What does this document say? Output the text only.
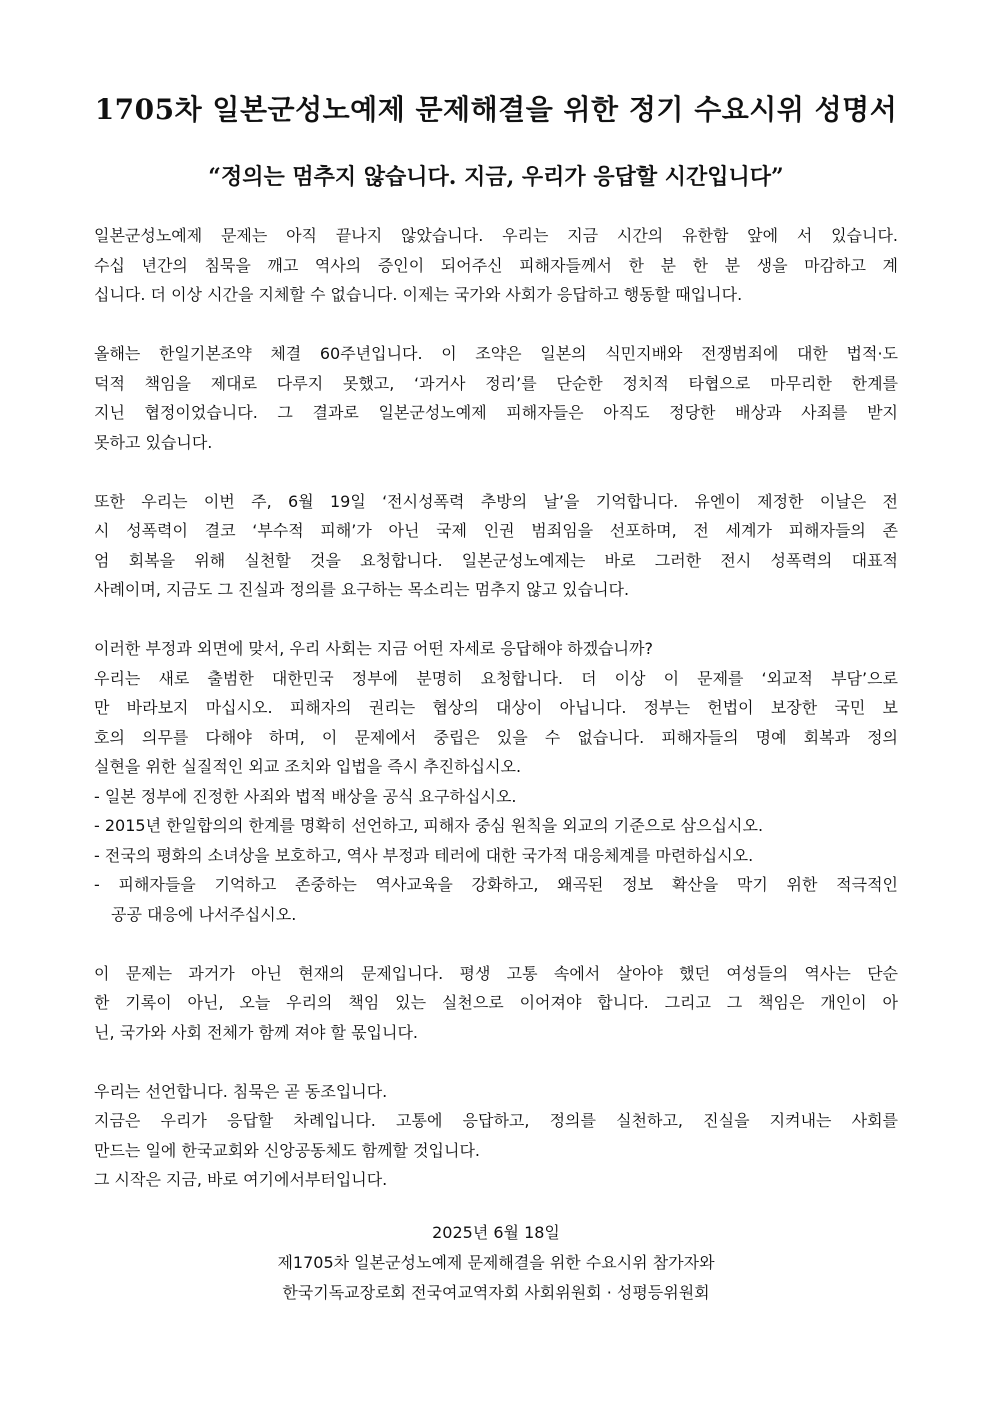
1705차 일본군성노예제 문제해결을 위한 정기 수요시위 성명서
“정의는 멈추지 않습니다. 지금, 우리가 응답할 시간입니다”
일본군성노예제 문제는 아직 끝나지 않았습니다. 우리는 지금 시간의 유한함 앞에 서 있습니다.
수십 년간의 침묵을 깨고 역사의 증인이 되어주신 피해자들께서 한 분 한 분 생을 마감하고 계
십니다. 더 이상 시간을 지체할 수 없습니다. 이제는 국가와 사회가 응답하고 행동할 때입니다.
올해는 한일기본조약 체결 60주년입니다. 이 조약은 일본의 식민지배와 전쟁범죄에 대한 법적·도
덕적 책임을 제대로 다루지 못했고, ‘과거사 정리’를 단순한 정치적 타협으로 마무리한 한계를
지닌 협정이었습니다. 그 결과로 일본군성노예제 피해자들은 아직도 정당한 배상과 사죄를 받지
못하고 있습니다.
또한 우리는 이번 주, 6월 19일 ‘전시성폭력 추방의 날’을 기억합니다. 유엔이 제정한 이날은 전
시 성폭력이 결코 ‘부수적 피해’가 아닌 국제 인권 범죄임을 선포하며, 전 세계가 피해자들의 존
엄 회복을 위해 실천할 것을 요청합니다. 일본군성노예제는 바로 그러한 전시 성폭력의 대표적
사례이며, 지금도 그 진실과 정의를 요구하는 목소리는 멈추지 않고 있습니다.
이러한 부정과 외면에 맞서, 우리 사회는 지금 어떤 자세로 응답해야 하겠습니까?
우리는 새로 출범한 대한민국 정부에 분명히 요청합니다. 더 이상 이 문제를 ‘외교적 부담’으로
만 바라보지 마십시오. 피해자의 권리는 협상의 대상이 아닙니다. 정부는 헌법이 보장한 국민 보
호의 의무를 다해야 하며, 이 문제에서 중립은 있을 수 없습니다. 피해자들의 명예 회복과 정의
실현을 위한 실질적인 외교 조치와 입법을 즉시 추진하십시오.
- 일본 정부에 진정한 사죄와 법적 배상을 공식 요구하십시오.
- 2015년 한일합의의 한계를 명확히 선언하고, 피해자 중심 원칙을 외교의 기준으로 삼으십시오.
- 전국의 평화의 소녀상을 보호하고, 역사 부정과 테러에 대한 국가적 대응체계를 마련하십시오.
- 피해자들을 기억하고 존중하는 역사교육을 강화하고, 왜곡된 정보 확산을 막기 위한 적극적인
공공 대응에 나서주십시오.
이 문제는 과거가 아닌 현재의 문제입니다. 평생 고통 속에서 살아야 했던 여성들의 역사는 단순
한 기록이 아닌, 오늘 우리의 책임 있는 실천으로 이어져야 합니다. 그리고 그 책임은 개인이 아
닌, 국가와 사회 전체가 함께 져야 할 몫입니다.
우리는 선언합니다. 침묵은 곧 동조입니다.
지금은 우리가 응답할 차례입니다. 고통에 응답하고, 정의를 실천하고, 진실을 지켜내는 사회를
만드는 일에 한국교회와 신앙공동체도 함께할 것입니다.
그 시작은 지금, 바로 여기에서부터입니다.
2025년 6월 18일
제1705차 일본군성노예제 문제해결을 위한 수요시위 참가자와
한국기독교장로회 전국여교역자회 사회위원회 · 성평등위원회
